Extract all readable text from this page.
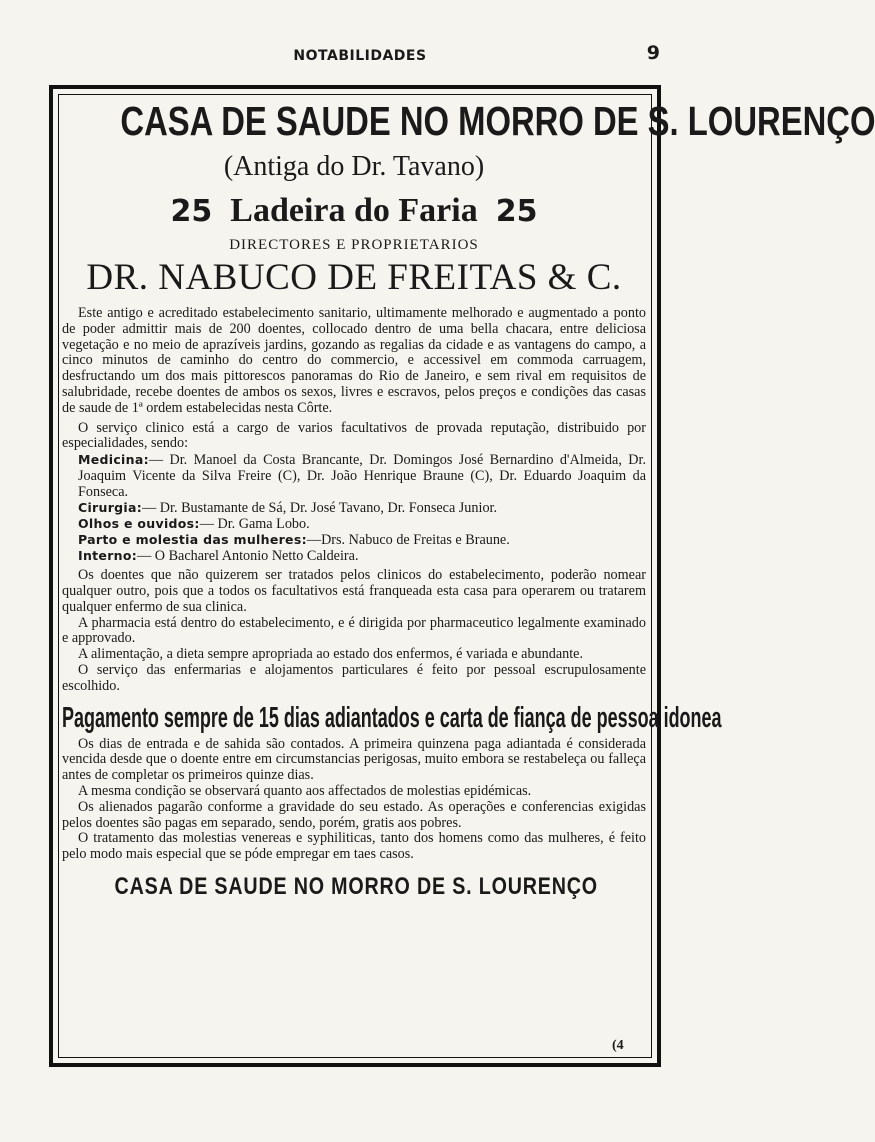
NOTABILIDADES	9
CASA DE SAUDE NO MORRO DE S. LOURENÇO
(Antiga do Dr. Tavano)
25 Ladeira do Faria 25
DIRECTORES E PROPRIETARIOS
DR. NABUCO DE FREITAS & C.

Este antigo e acreditado estabelecimento sanitario, ultimamente melhorado e augmentado a ponto de poder admittir mais de 200 doentes, collocado dentro de uma bella chacara, entre deliciosa vegetação e no meio de aprazíveis jardins, gozando as regalias da cidade e as vantagens do campo, a cinco minutos de caminho do centro do commercio, e accessivel em commoda carruagem, desfructando um dos mais pittorescos panoramas do Rio de Janeiro, e sem rival em requisitos de salubridade, recebe doentes de ambos os sexos, livres e escravos, pelos preços e condições das casas de saude de 1ª ordem estabelecidas nesta Côrte.

O serviço clinico está a cargo de varios facultativos de provada reputação, distribuido por especialidades, sendo:

Medicina:— Dr. Manoel da Costa Brancante, Dr. Domingos José Bernardino d'Almeida, Dr. Joaquim Vicente da Silva Freire (C), Dr. João Henrique Braune (C), Dr. Eduardo Joaquim da Fonseca.

Cirurgia:— Dr. Bustamante de Sá, Dr. José Tavano, Dr. Fonseca Junior.

Olhos e ouvidos:— Dr. Gama Lobo.

Parto e molestia das mulheres:—Drs. Nabuco de Freitas e Braune.

Interno:— O Bacharel Antonio Netto Caldeira.

Os doentes que não quizerem ser tratados pelos clinicos do estabelecimento, poderão nomear qualquer outro, pois que a todos os facultativos está franqueada esta casa para operarem ou tratarem qualquer enfermo de sua clinica.

A pharmacia está dentro do estabelecimento, e é dirigida por pharmaceutico legalmente examinado e approvado.

A alimentação, a dieta sempre apropriada ao estado dos enfermos, é variada e abundante.

O serviço das enfermarias e alojamentos particulares é feito por pessoal escrupulosamente escolhido.

Pagamento sempre de 15 dias adiantados e carta de fiança de pessoa idonea

Os dias de entrada e de sahida são contados. A primeira quinzena paga adiantada é considerada vencida desde que o doente entre em circumstancias perigosas, muito embora se restabeleça ou falleça antes de completar os primeiros quinze dias.

A mesma condição se observará quanto aos affectados de molestias epidémicas.

Os alienados pagarão conforme a gravidade do seu estado. As operações e conferencias exigidas pelos doentes são pagas em separado, sendo, porém, gratis aos pobres.

O tratamento das molestias venereas e syphiliticas, tanto dos homens como das mulheres, é feito pelo modo mais especial que se póde empregar em taes casos.

CASA DE SAUDE NO MORRO DE S. LOURENÇO
(4
